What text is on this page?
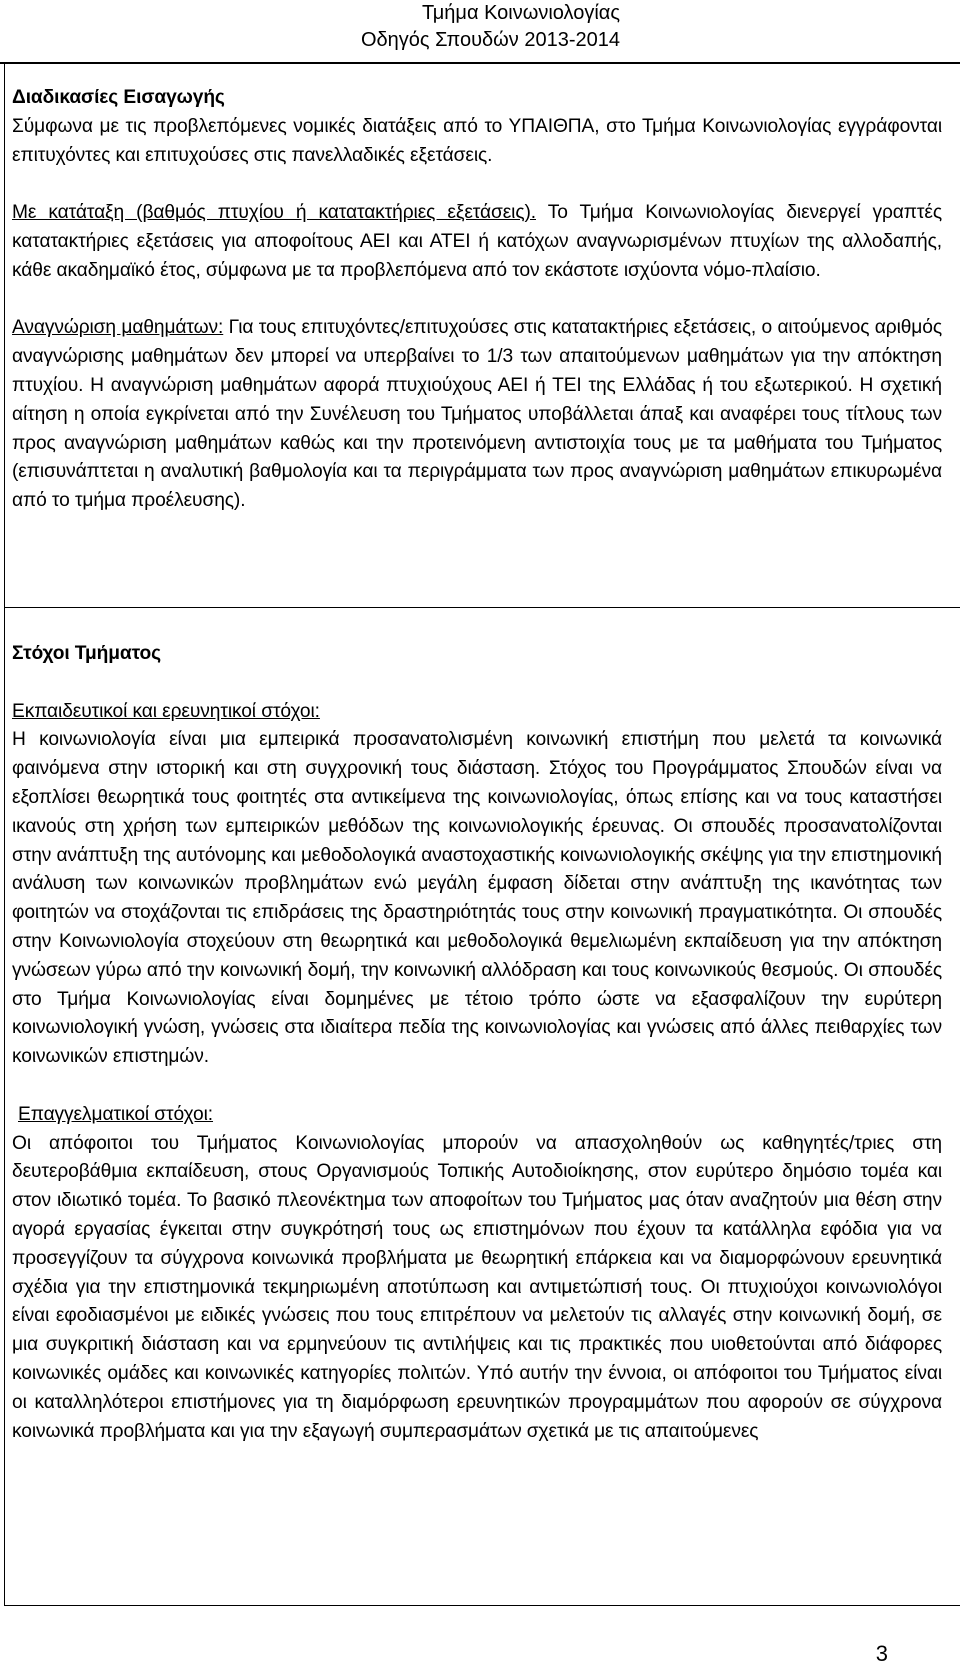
Τμήμα Κοινωνιολογίας
Οδηγός Σπουδών 2013-2014

Διαδικασίες Εισαγωγής

Σύμφωνα με τις προβλεπόμενες νομικές διατάξεις από το ΥΠΑΙΘΠΑ, στο Τμήμα Κοινωνιολογίας εγγράφονται επιτυχόντες και επιτυχούσες στις πανελλαδικές εξετάσεις.

Με κατάταξη (βαθμός πτυχίου ή κατατακτήριες εξετάσεις). Το Τμήμα Κοινωνιολογίας διενεργεί γραπτές κατατακτήριες εξετάσεις για αποφοίτους ΑΕΙ και ΑΤΕΙ ή κατόχων αναγνωρισμένων πτυχίων της αλλοδαπής, κάθε ακαδημαϊκό έτος, σύμφωνα με τα προβλεπόμενα από τον εκάστοτε ισχύοντα νόμο-πλαίσιο.

Αναγνώριση μαθημάτων: Για τους επιτυχόντες/επιτυχούσες στις κατατακτήριες εξετάσεις, ο αιτούμενος αριθμός αναγνώρισης μαθημάτων δεν μπορεί να υπερβαίνει το 1/3 των απαιτούμενων μαθημάτων για την απόκτηση πτυχίου. Η αναγνώριση μαθημάτων αφορά πτυχιούχους ΑΕΙ ή ΤΕΙ της Ελλάδας ή του εξωτερικού. Η σχετική αίτηση η οποία εγκρίνεται από την Συνέλευση του Τμήματος υποβάλλεται άπαξ και αναφέρει τους τίτλους των προς αναγνώριση μαθημάτων καθώς και την προτεινόμενη αντιστοιχία τους με τα μαθήματα του Τμήματος (επισυνάπτεται η αναλυτική βαθμολογία και τα περιγράμματα των προς αναγνώριση μαθημάτων επικυρωμένα από το τμήμα προέλευσης).

Στόχοι Τμήματος

Εκπαιδευτικοί και ερευνητικοί στόχοι:

Η κοινωνιολογία είναι μια εμπειρικά προσανατολισμένη κοινωνική επιστήμη που μελετά τα κοινωνικά φαινόμενα στην ιστορική και στη συγχρονική τους διάσταση. Στόχος του Προγράμματος Σπουδών είναι να εξοπλίσει θεωρητικά τους φοιτητές στα αντικείμενα της κοινωνιολογίας, όπως επίσης και να τους καταστήσει ικανούς στη χρήση των εμπειρικών μεθόδων της κοινωνιολογικής έρευνας. Οι σπουδές προσανατολίζονται στην ανάπτυξη της αυτόνομης και μεθοδολογικά αναστοχαστικής κοινωνιολογικής σκέψης για την επιστημονική ανάλυση των κοινωνικών προβλημάτων ενώ μεγάλη έμφαση δίδεται στην ανάπτυξη της ικανότητας των φοιτητών να στοχάζονται τις επιδράσεις της δραστηριότητάς τους στην κοινωνική πραγματικότητα. Οι σπουδές στην Κοινωνιολογία στοχεύουν στη θεωρητικά και μεθοδολογικά θεμελιωμένη εκπαίδευση για την απόκτηση γνώσεων γύρω από την κοινωνική δομή, την κοινωνική αλλόδραση και τους κοινωνικούς θεσμούς. Οι σπουδές στο Τμήμα Κοινωνιολογίας είναι δομημένες με τέτοιο τρόπο ώστε να εξασφαλίζουν την ευρύτερη κοινωνιολογική γνώση, γνώσεις στα ιδιαίτερα πεδία της κοινωνιολογίας και γνώσεις από άλλες πειθαρχίες των κοινωνικών επιστημών.

Επαγγελματικοί στόχοι:

Οι απόφοιτοι του Τμήματος Κοινωνιολογίας μπορούν να απασχοληθούν ως καθηγητές/τριες στη δευτεροβάθμια εκπαίδευση, στους Οργανισμούς Τοπικής Αυτοδιοίκησης, στον ευρύτερο δημόσιο τομέα και στον ιδιωτικό τομέα. Το βασικό πλεονέκτημα των αποφοίτων του Τμήματος μας όταν αναζητούν μια θέση στην αγορά εργασίας έγκειται στην συγκρότησή τους ως επιστημόνων που έχουν τα κατάλληλα εφόδια για να προσεγγίζουν τα σύγχρονα κοινωνικά προβλήματα με θεωρητική επάρκεια και να διαμορφώνουν ερευνητικά σχέδια για την επιστημονικά τεκμηριωμένη αποτύπωση και αντιμετώπισή τους. Οι πτυχιούχοι κοινωνιολόγοι είναι εφοδιασμένοι με ειδικές γνώσεις που τους επιτρέπουν να μελετούν τις αλλαγές στην κοινωνική δομή, σε μια συγκριτική διάσταση και να ερμηνεύουν τις αντιλήψεις και τις πρακτικές που υιοθετούνται από διάφορες κοινωνικές ομάδες και κοινωνικές κατηγορίες πολιτών. Υπό αυτήν την έννοια, οι απόφοιτοι του Τμήματος είναι οι καταλληλότεροι επιστήμονες για τη διαμόρφωση ερευνητικών προγραμμάτων που αφορούν σε σύγχρονα κοινωνικά προβλήματα και για την εξαγωγή συμπερασμάτων σχετικά με τις απαιτούμενες

3
